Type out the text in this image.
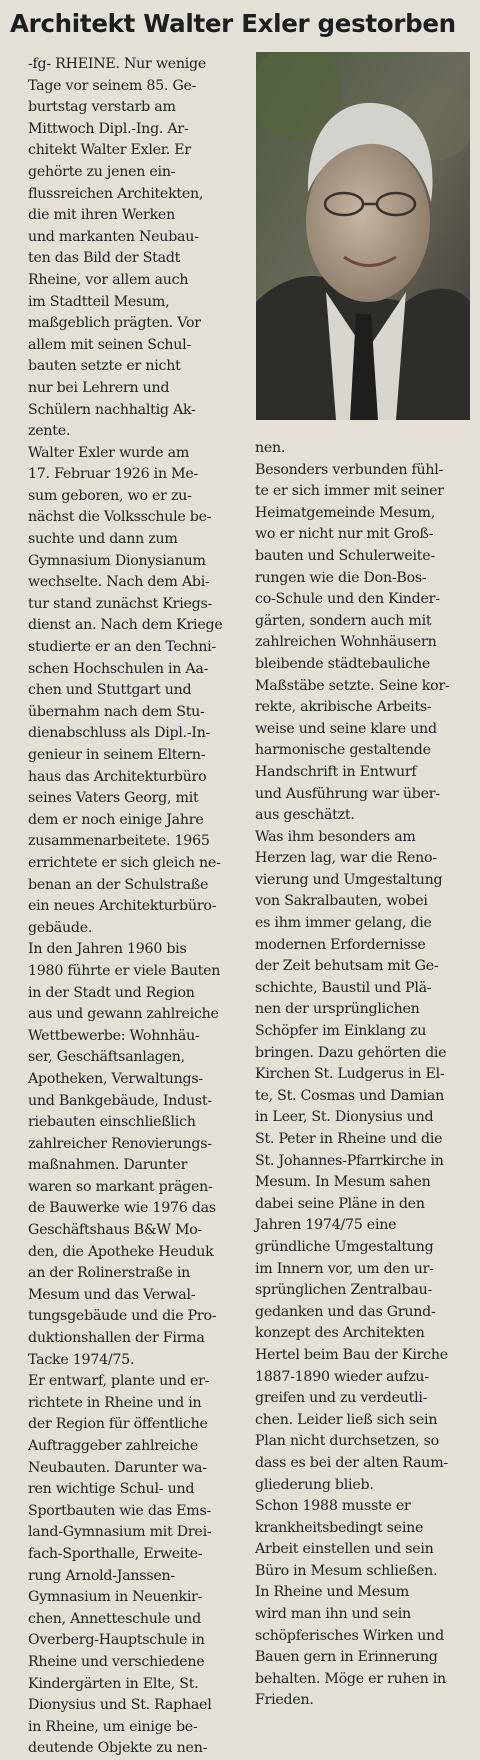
Architekt Walter Exler gestorben
-fg- RHEINE. Nur wenige
Tage vor seinem 85. Ge-
burtstag verstarb am
Mittwoch Dipl.-Ing. Ar-
chitekt Walter Exler. Er
gehörte zu jenen ein-
flussreichen Architekten,
die mit ihren Werken
und markanten Neubau-
ten das Bild der Stadt
Rheine, vor allem auch
im Stadtteil Mesum,
maßgeblich prägten. Vor
allem mit seinen Schul-
bauten setzte er nicht
nur bei Lehrern und
Schülern nachhaltig Ak-
zente.
Walter Exler wurde am
17. Februar 1926 in Me-
sum geboren, wo er zu-
nächst die Volksschule be-
suchte und dann zum
Gymnasium Dionysianum
wechselte. Nach dem Abi-
tur stand zunächst Kriegs-
dienst an. Nach dem Kriege
studierte er an den Techni-
schen Hochschulen in Aa-
chen und Stuttgart und
übernahm nach dem Stu-
dienabschluss als Dipl.-In-
genieur in seinem Eltern-
haus das Architekturbüro
seines Vaters Georg, mit
dem er noch einige Jahre
zusammenarbeitete. 1965
errichtete er sich gleich ne-
benan an der Schulstraße
ein neues Architekturbüro-
gebäude.
In den Jahren 1960 bis
1980 führte er viele Bauten
in der Stadt und Region
aus und gewann zahlreiche
Wettbewerbe: Wohnhäu-
ser, Geschäftsanlagen,
Apotheken, Verwaltungs-
und Bankgebäude, Indust-
riebauten einschließlich
zahlreicher Renovierungs-
maßnahmen. Darunter
waren so markant prägen-
de Bauwerke wie 1976 das
Geschäftshaus B&W Mo-
den, die Apotheke Heuduk
an der Rolinerstraße in
Mesum und das Verwal-
tungsgebäude und die Pro-
duktionshallen der Firma
Tacke 1974/75.
Er entwarf, plante und er-
richtete in Rheine und in
der Region für öffentliche
Auftraggeber zahlreiche
Neubauten. Darunter wa-
ren wichtige Schul- und
Sportbauten wie das Ems-
land-Gymnasium mit Drei-
fach-Sporthalle, Erweite-
rung Arnold-Janssen-
Gymnasium in Neuenkir-
chen, Annetteschule und
Overberg-Hauptschule in
Rheine und verschiedene
Kindergärten in Elte, St.
Dionysius und St. Raphael
in Rheine, um einige be-
deutende Objekte zu nen-
nen.
Besonders verbunden fühl-
te er sich immer mit seiner
Heimatgemeinde Mesum,
wo er nicht nur mit Groß-
bauten und Schulerweite-
rungen wie die Don-Bos-
co-Schule und den Kinder-
gärten, sondern auch mit
zahlreichen Wohnhäusern
bleibende städtebauliche
Maßstäbe setzte. Seine kor-
rekte, akribische Arbeits-
weise und seine klare und
harmonische gestaltende
Handschrift in Entwurf
und Ausführung war über-
aus geschätzt.
Was ihm besonders am
Herzen lag, war die Reno-
vierung und Umgestaltung
von Sakralbauten, wobei
es ihm immer gelang, die
modernen Erfordernisse
der Zeit behutsam mit Ge-
schichte, Baustil und Plä-
nen der ursprünglichen
Schöpfer im Einklang zu
bringen. Dazu gehörten die
Kirchen St. Ludgerus in El-
te, St. Cosmas und Damian
in Leer, St. Dionysius und
St. Peter in Rheine und die
St. Johannes-Pfarrkirche in
Mesum. In Mesum sahen
dabei seine Pläne in den
Jahren 1974/75 eine
gründliche Umgestaltung
im Innern vor, um den ur-
sprünglichen Zentralbau-
gedanken und das Grund-
konzept des Architekten
Hertel beim Bau der Kirche
1887-1890 wieder aufzu-
greifen und zu verdeutli-
chen. Leider ließ sich sein
Plan nicht durchsetzen, so
dass es bei der alten Raum-
gliederung blieb.
Schon 1988 musste er
krankheitsbedingt seine
Arbeit einstellen und sein
Büro in Mesum schließen.
In Rheine und Mesum
wird man ihn und sein
schöpferisches Wirken und
Bauen gern in Erinnerung
behalten. Möge er ruhen in
Frieden.
